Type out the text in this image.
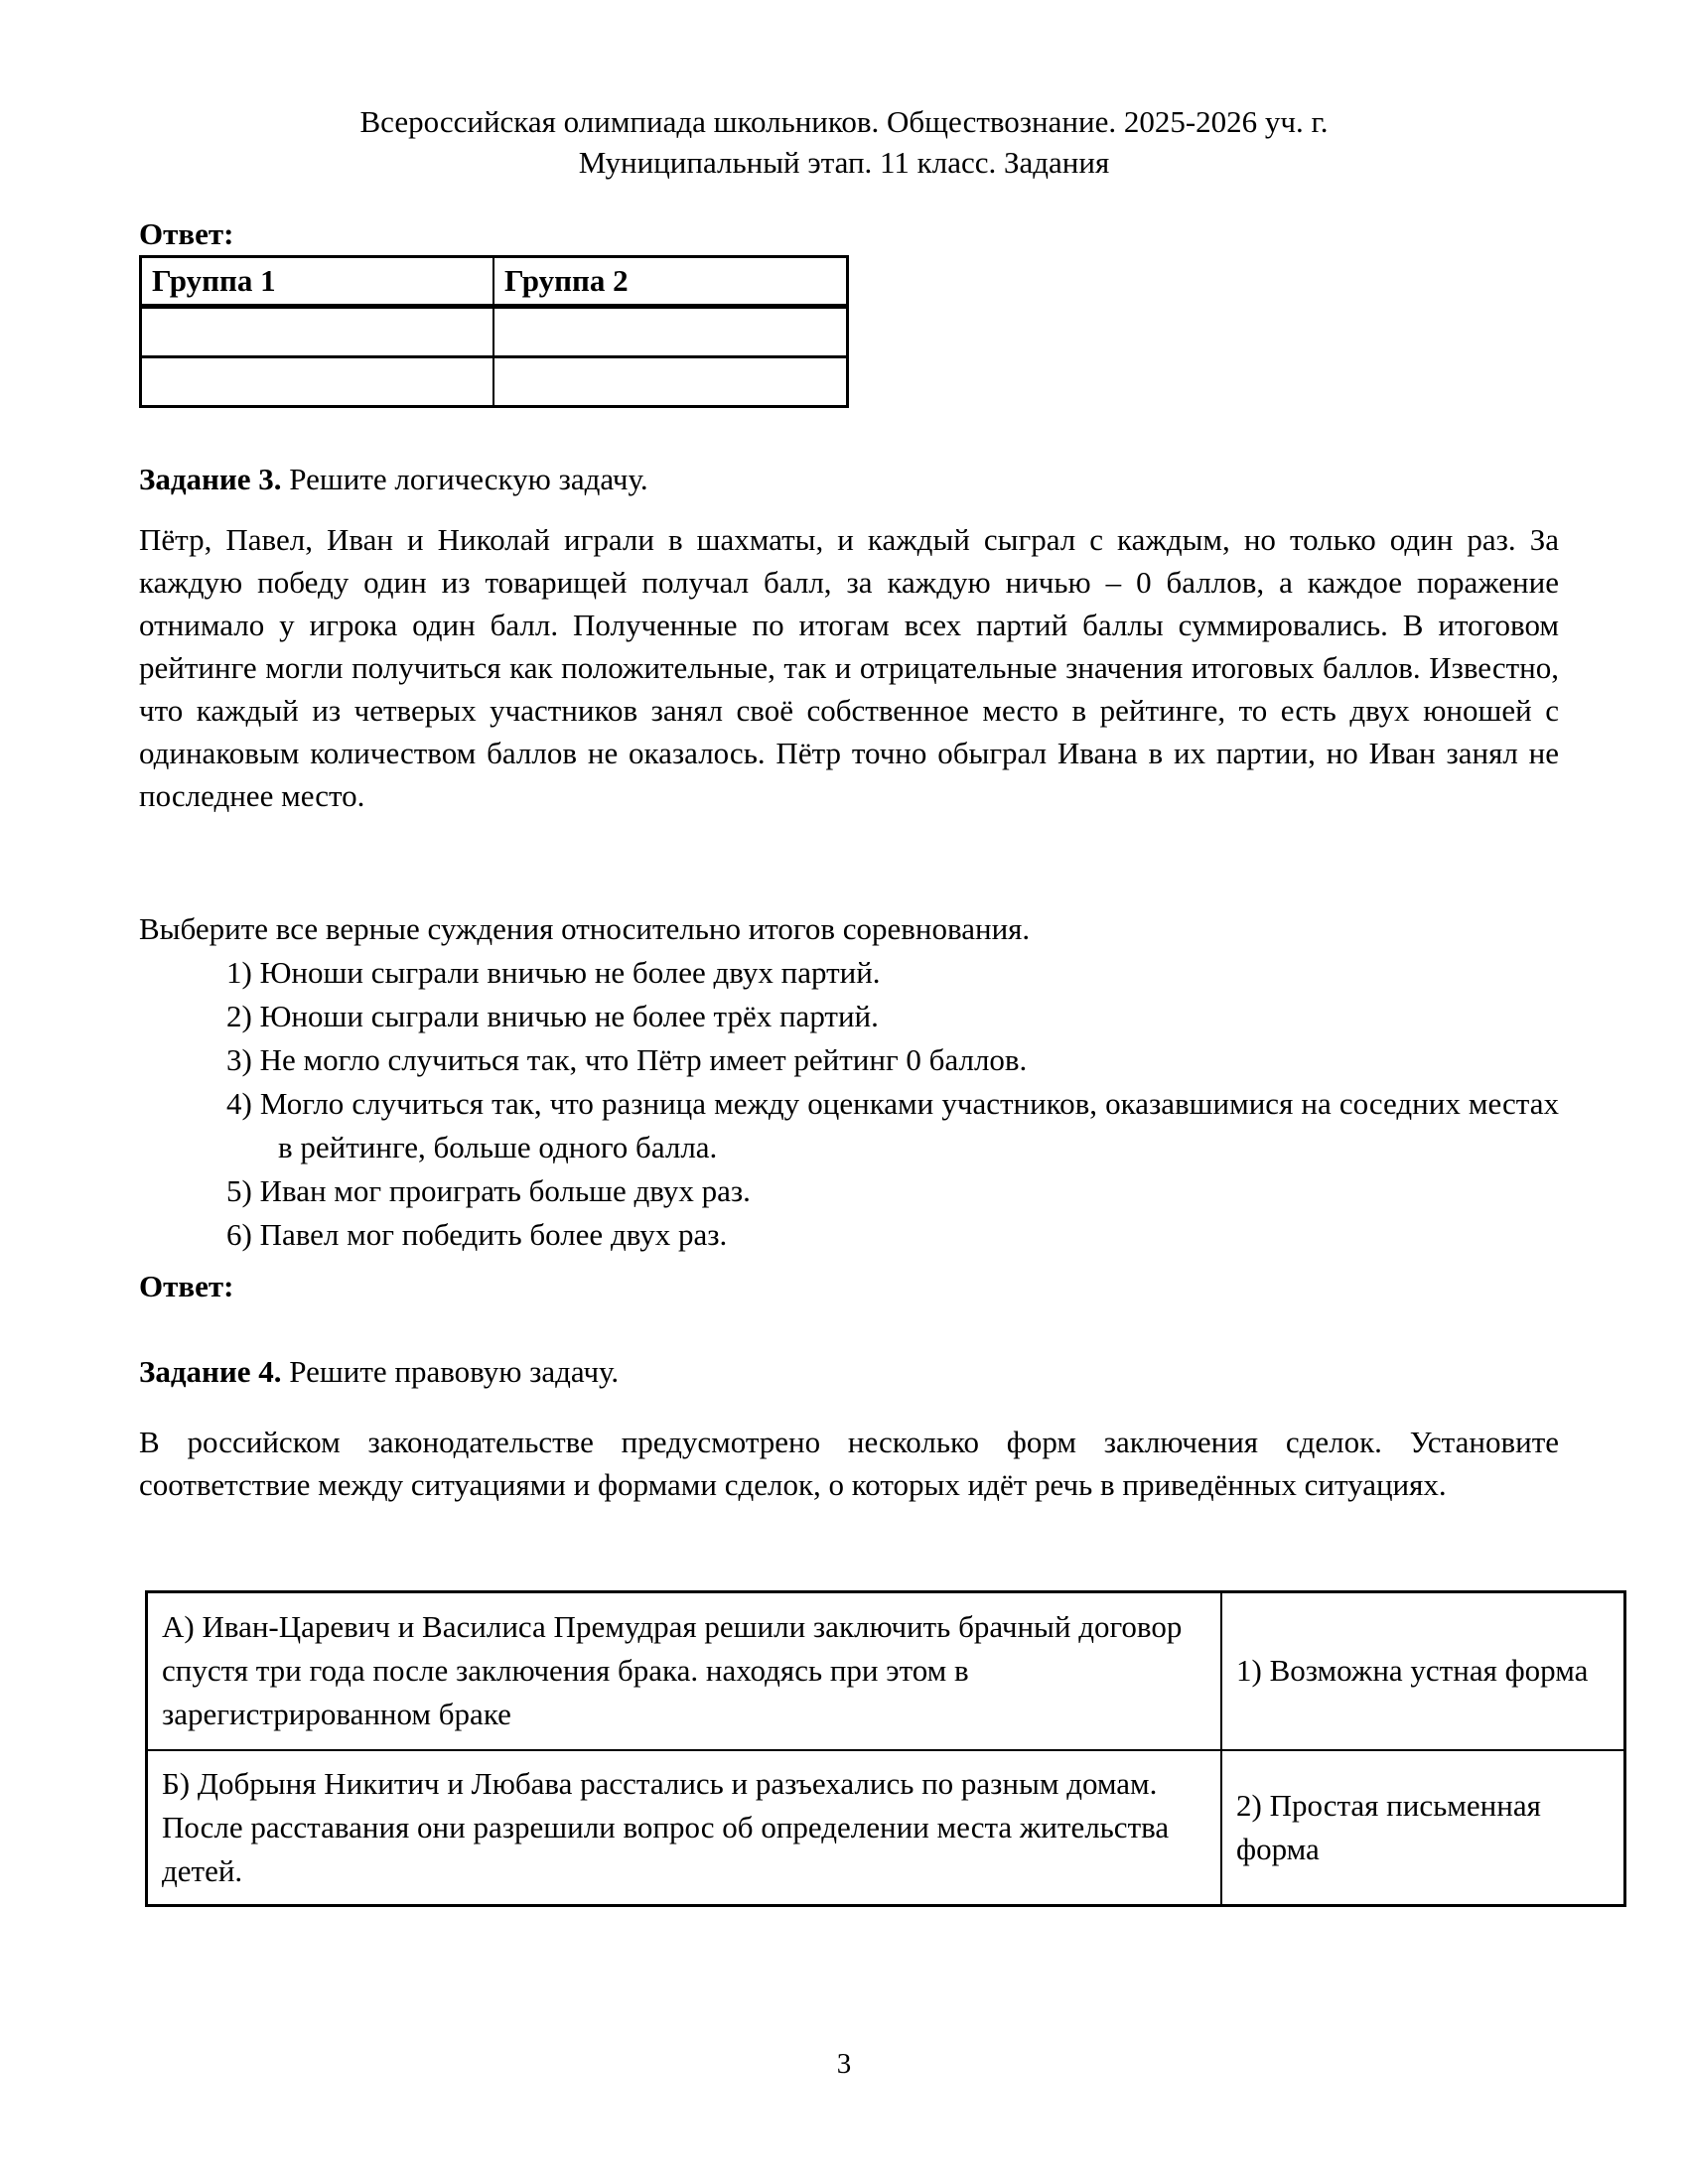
Всероссийская олимпиада школьников. Обществознание. 2025-2026 уч. г.
Муниципальный этап. 11 класс. Задания
Ответ:
Группа 1	Группа 2

Задание 3. Решите логическую задачу.
Пётр, Павел, Иван и Николай играли в шахматы, и каждый сыграл с каждым, но только один раз. За каждую победу один из товарищей получал балл, за каждую ничью – 0 баллов, а каждое поражение отнимало у игрока один балл. Полученные по итогам всех партий баллы суммировались. В итоговом рейтинге могли получиться как положительные, так и отрицательные значения итоговых баллов. Известно, что каждый из четверых участников занял своё собственное место в рейтинге, то есть двух юношей с одинаковым количеством баллов не оказалось. Пётр точно обыграл Ивана в их партии, но Иван занял не последнее место.
Выберите все верные суждения относительно итогов соревнования.
1) Юноши сыграли вничью не более двух партий.
2) Юноши сыграли вничью не более трёх партий.
3) Не могло случиться так, что Пётр имеет рейтинг 0 баллов.
4) Могло случиться так, что разница между оценками участников, оказавшимися на соседних местах в рейтинге, больше одного балла.
5) Иван мог проиграть больше двух раз.
6) Павел мог победить более двух раз.
Ответ:
Задание 4. Решите правовую задачу.
В российском законодательстве предусмотрено несколько форм заключения сделок. Установите соответствие между ситуациями и формами сделок, о которых идёт речь в приведённых ситуациях.
А) Иван-Царевич и Василиса Премудрая решили заключить брачный договор спустя три года после заключения брака. находясь при этом в зарегистрированном браке	1) Возможна устная форма
Б) Добрыня Никитич и Любава расстались и разъехались по разным домам. После расставания они разрешили вопрос об определении места жительства детей.	2) Простая письменная форма
3
